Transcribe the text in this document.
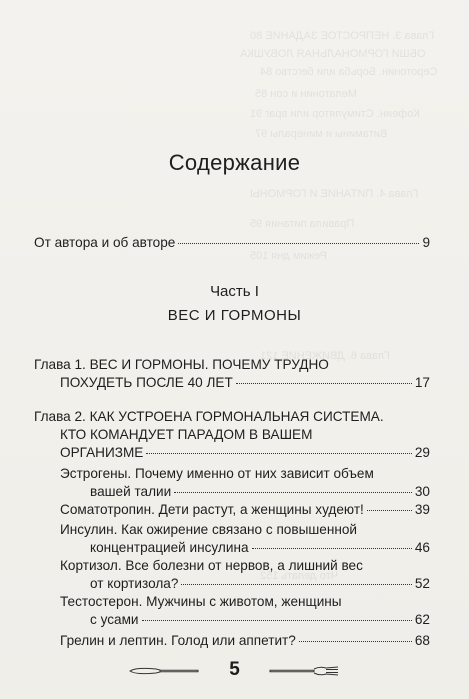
Глава 3. НЕПРОСТОЕ ЗАДАНИЕ 80
ОБШИ ГОРМОНАЛЬНАЯ ЛОВУШКА
Серотонин. Борьба или бегство 84
Мелатонин и сон 85
Кофеин. Стимулятор или враг 91
Витамины и минералы 97
Глава 4. ПИТАНИЕ И ГОРМОНЫ
Правила питания 95
Режим дня 105
Глава 6. ДВИЖЕНИЕ 121
Что делать 152
Содержание
От автора и об авторе	9
Часть I
ВЕС И ГОРМОНЫ
Глава 1. ВЕС И ГОРМОНЫ. ПОЧЕМУ ТРУДНО
ПОХУДЕТЬ ПОСЛЕ 40 ЛЕТ	17
Глава 2. КАК УСТРОЕНА ГОРМОНАЛЬНАЯ СИСТЕМА.
КТО КОМАНДУЕТ ПАРАДОМ В ВАШЕМ
ОРГАНИЗМЕ	29
Эстрогены. Почему именно от них зависит объем
вашей талии	30
Соматотропин. Дети растут, а женщины худеют!	39
Инсулин. Как ожирение связано с повышенной
концентрацией инсулина	46
Кортизол. Все болезни от нервов, а лишний вес
от кортизола?	52
Тестостерон. Мужчины с животом, женщины
с усами	62
Грелин и лептин. Голод или аппетит?	68
5
